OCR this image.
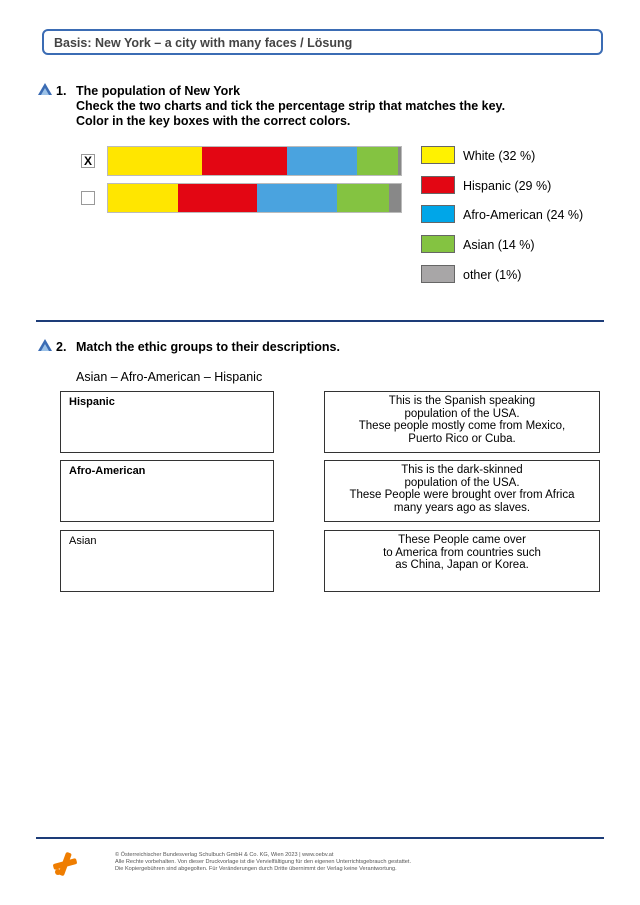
Basis: New York – a city with many faces / Lösung
1. The population of New York
Check the two charts and tick the percentage strip that matches the key.
Color in the key boxes with the correct colors.
X	White (32 %)
Hispanic (29 %)
Afro-American (24 %)
Asian (14 %)
other (1%)
2. Match the ethic groups to their descriptions.
Asian – Afro-American – Hispanic
Hispanic	This is the Spanish speaking
population of the USA.
These people mostly come from Mexico,
Puerto Rico or Cuba.
Afro-American	This is the dark-skinned
population of the USA.
These People were brought over from Africa
many years ago as slaves.
Asian	These People came over
to America from countries such
as China, Japan or Korea.
© Österreichischer Bundesverlag Schulbuch GmbH & Co. KG, Wien 2023 | www.oebv.at
Alle Rechte vorbehalten. Von dieser Druckvorlage ist die Vervielfältigung für den eigenen Unterrichtsgebrauch gestattet.
Die Kopiergebühren sind abgegolten. Für Veränderungen durch Dritte übernimmt der Verlag keine Verantwortung.
